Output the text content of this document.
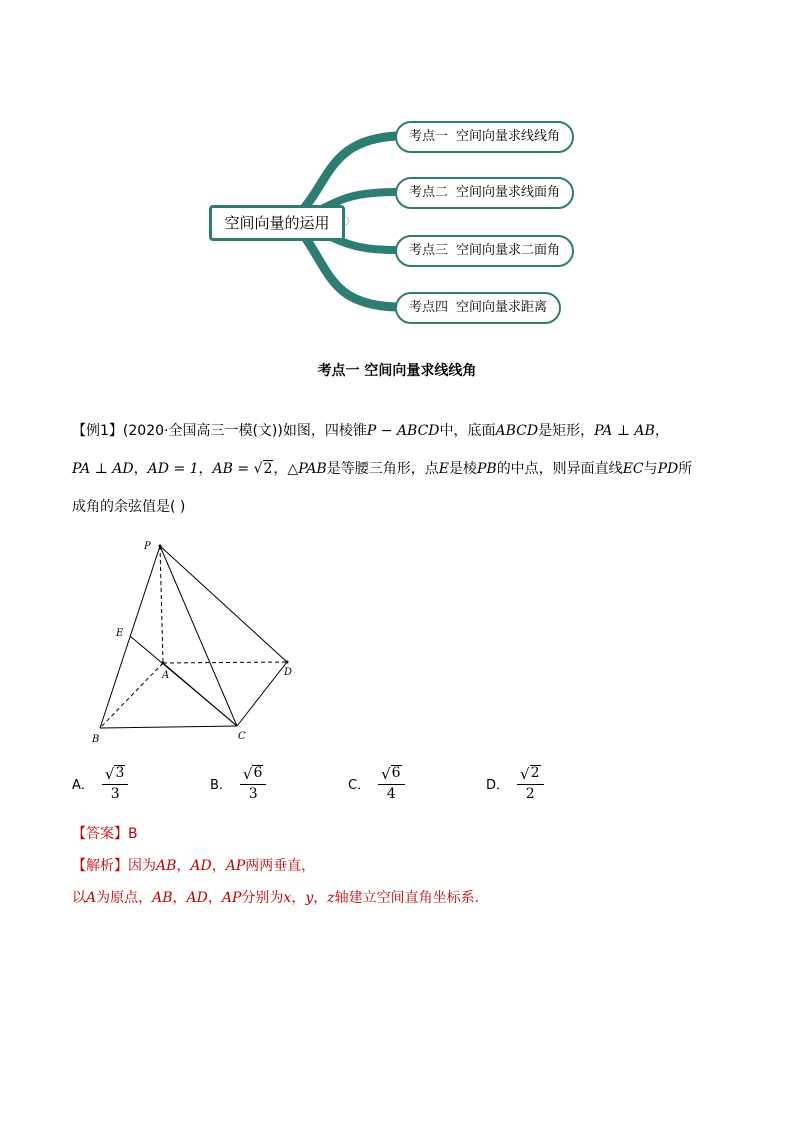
空间向量的运用
考点一 空间向量求线线角
考点二 空间向量求线面角
考点三 空间向量求二面角
考点四 空间向量求距离
考点一 空间向量求线线角
【例1】(2020·全国高三一模(文))如图，四棱锥P − ABCD中，底面ABCD是矩形，PA ⊥ AB，
PA ⊥ AD，AD = 1，AB = √2，△PAB是等腰三角形，点E是棱PB的中点，则异面直线EC与PD所
成角的余弦值是( )
P
E
A	D
B	C
A． $\frac{√ 3}{3}$	B． $\frac{√ 6}{3}$	C． $\frac{√ 6}{4}$	D． $\frac{√ 2}{2}$
【答案】B
【解析】因为AB，AD，AP两两垂直，
以A为原点，AB，AD，AP分别为x，y，z轴建立空间直角坐标系.
